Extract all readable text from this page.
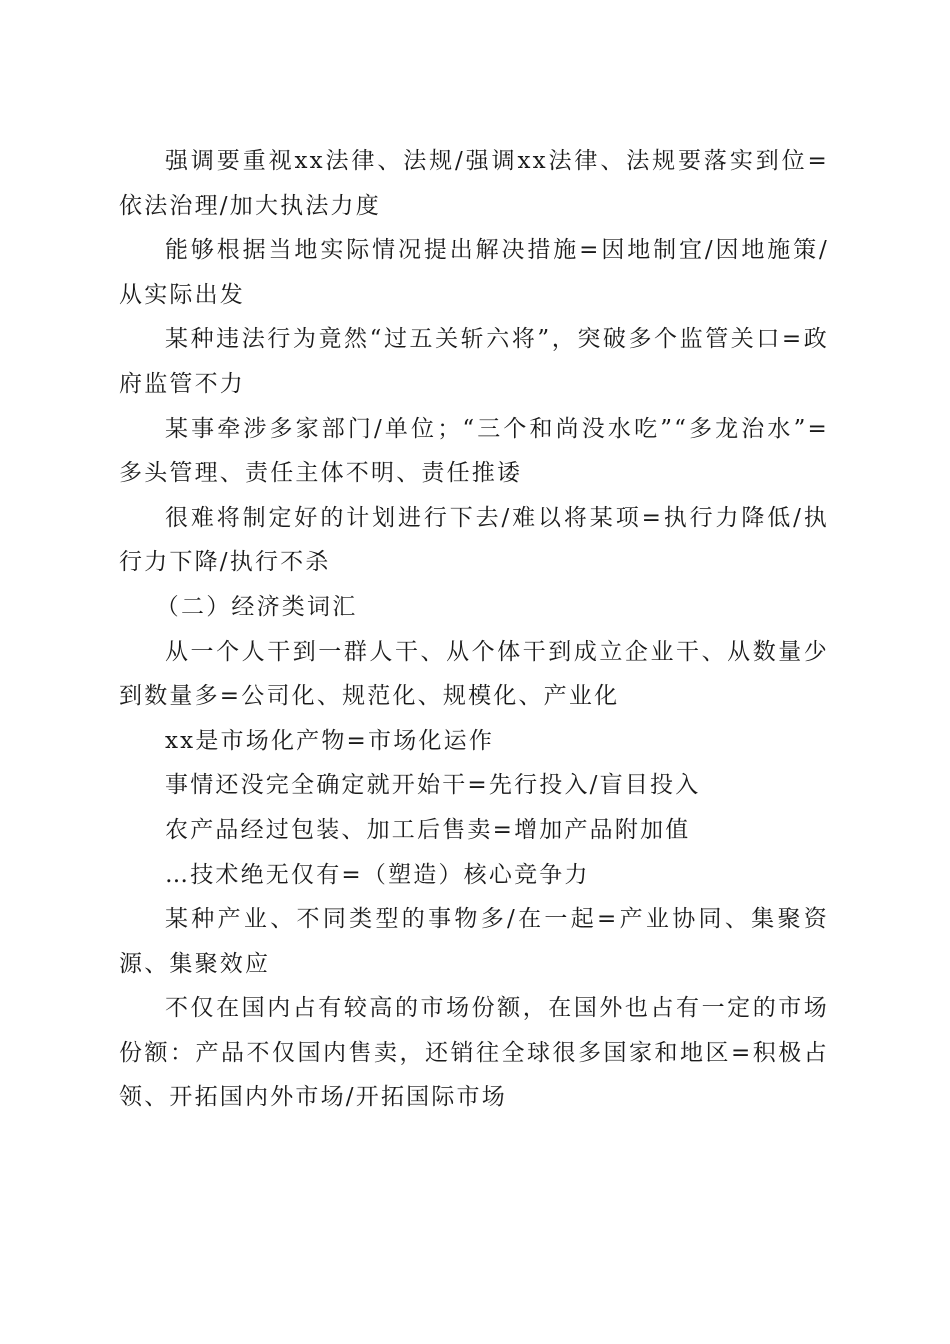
强调要重视xx法律、法规/强调xx法律、法规要落实到位=依法治理/加大执法力度

能够根据当地实际情况提出解决措施=因地制宜/因地施策/从实际出发

某种违法行为竟然“过五关斩六将”，突破多个监管关口=政府监管不力

某事牵涉多家部门/单位；“三个和尚没水吃”“多龙治水”=多头管理、责任主体不明、责任推诿

很难将制定好的计划进行下去/难以将某项=执行力降低/执行力下降/执行不杀

（二）经济类词汇

从一个人干到一群人干、从个体干到成立企业干、从数量少到数量多=公司化、规范化、规模化、产业化

xx是市场化产物=市场化运作

事情还没完全确定就开始干=先行投入/盲目投入

农产品经过包装、加工后售卖=增加产品附加值

…技术绝无仅有=（塑造）核心竞争力

某种产业、不同类型的事物多/在一起=产业协同、集聚资源、集聚效应

不仅在国内占有较高的市场份额，在国外也占有一定的市场份额：产品不仅国内售卖，还销往全球很多国家和地区=积极占领、开拓国内外市场/开拓国际市场
